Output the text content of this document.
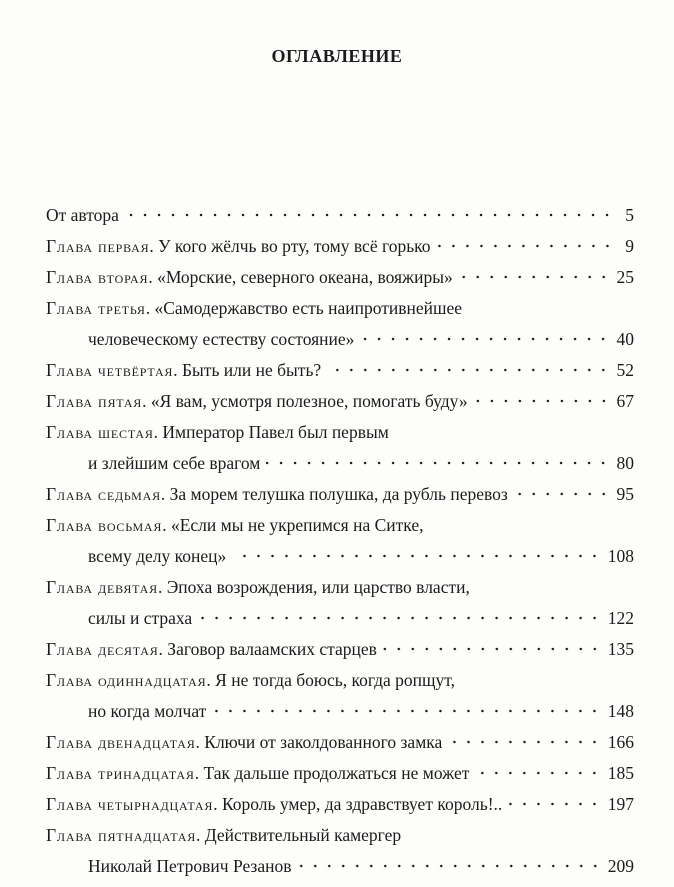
ОГЛАВЛЕНИЕ
От автора	5
Глава первая. У кого жёлчь во рту, тому всё горько	9
Глава вторая. «Морские, северного океана, вояжиры»	25
Глава третья. «Самодержавство есть наипротивнейшее
человеческому естеству состояние»	40
Глава четвёртая. Быть или не быть?	52
Глава пятая. «Я вам, усмотря полезное, помогать буду»	67
Глава шестая. Император Павел был первым
и злейшим себе врагом	80
Глава седьмая. За морем телушка полушка, да рубль перевоз	95
Глава восьмая. «Если мы не укрепимся на Ситке,
всему делу конец»	108
Глава девятая. Эпоха возрождения, или царство власти,
силы и страха	122
Глава десятая. Заговор валаамских старцев	135
Глава одиннадцатая. Я не тогда боюсь, когда ропщут,
но когда молчат	148
Глава двенадцатая. Ключи от заколдованного замка	166
Глава тринадцатая. Так дальше продолжаться не может	185
Глава четырнадцатая. Король умер, да здравствует король!..	197
Глава пятнадцатая. Действительный камергер
Николай Петрович Резанов	209
